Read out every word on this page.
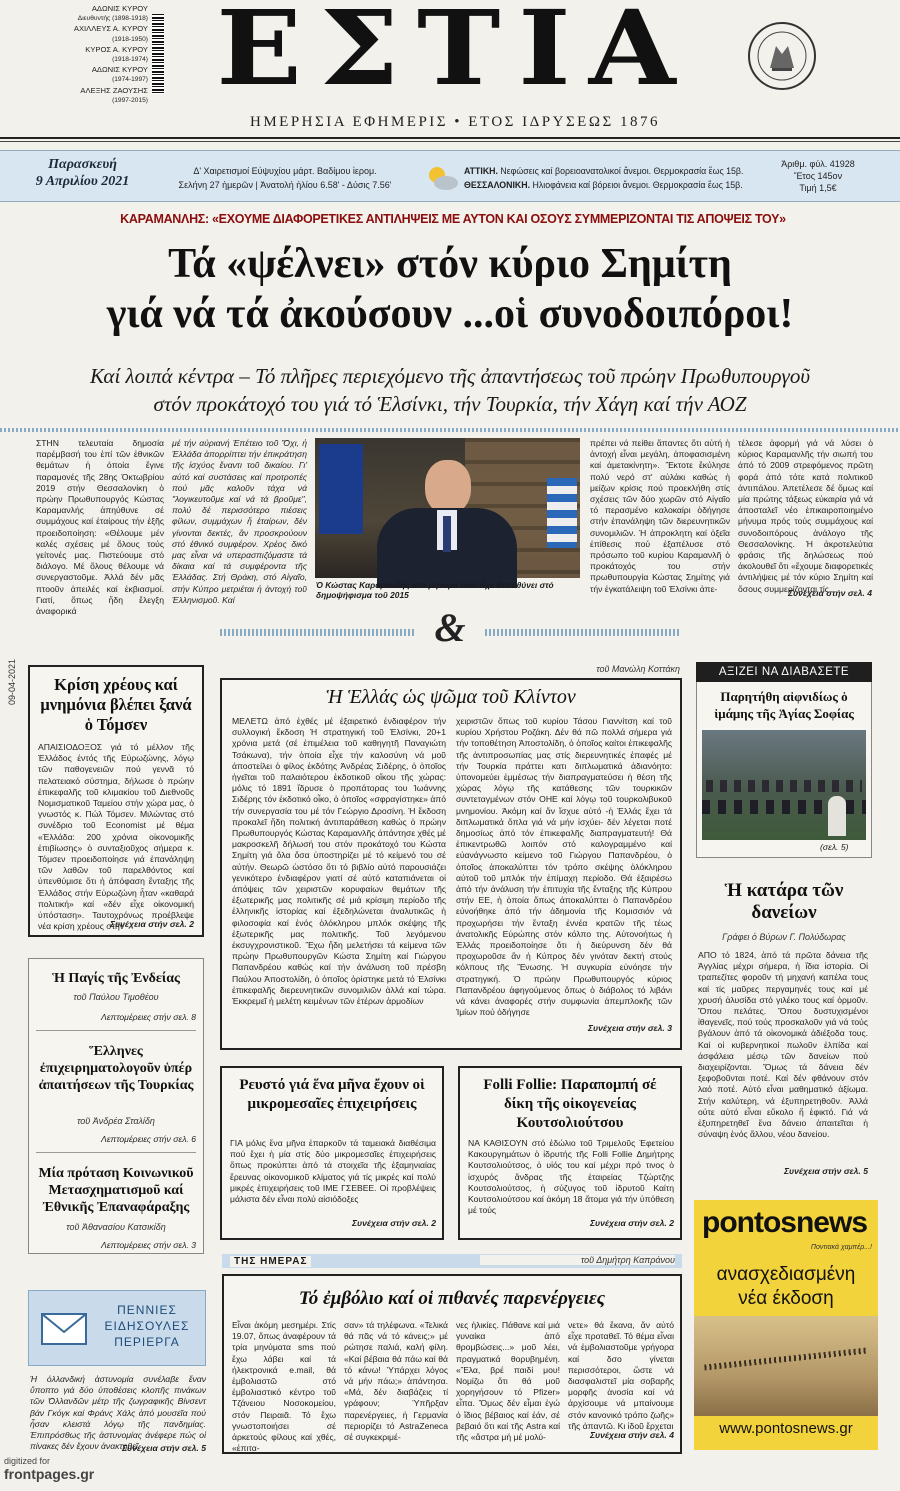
ΑΔΩΝΙΣ ΚΥΡΟΥ
Διευθυντής (1898-1918)
ΑΧΙΛΛΕΥΣ Α. ΚΥΡΟΥ
(1918-1950)
ΚΥΡΟΣ Α. ΚΥΡΟΥ
(1918-1974)
ΑΔΩΝΙΣ ΚΥΡΟΥ
(1974-1997)
ΑΛΕΞΗΣ ΖΑΟΥΣΗΣ
(1997-2015) ΕΣΤΙΑ
ΗΜΕΡΗΣΙΑ ΕΦΗΜΕΡΙΣ • ΕΤΟΣ ΙΔΡΥΣΕΩΣ 1876
Παρασκευή
9 Απριλίου 2021
Δ' Χαιρετισμοί Εὐψυχίου μάρτ. Βαδίμου ἱερομ.
Σελήνη 27 ἡμερῶν | Ἀνατολή ἡλίου 6.58' - Δύσις 7.56'
ΑΤΤΙΚΗ. Νεφώσεις καί βορειοανατολικοί ἄνεμοι. Θερμοκρασία ἕως 15β.
ΘΕΣΣΑΛΟΝΙΚΗ. Ηλιοφάνεια καί βόρειοι ἄνεμοι. Θερμοκρασία ἕως 15β.
Ἀριθμ. φύλ. 41928
Ἔτος 145ον
Τιμή 1,5€
ΚΑΡΑΜΑΝΛΗΣ: «ΕΧΟΥΜΕ ΔΙΑΦΟΡΕΤΙΚΕΣ ΑΝΤΙΛΗΨΕΙΣ ΜΕ ΑΥΤΟΝ ΚΑΙ ΟΣΟΥΣ ΣΥΜΜΕΡΙΖΟΝΤΑΙ ΤΙΣ ΑΠΟΨΕΙΣ ΤΟΥ»
Τά «ψέλνει» στόν κύριο Σημίτη
γιά νά τά ἀκούσουν ...οἱ συνοδοιπόροι!
Καί λοιπά κέντρα – Τό πλῆρες περιεχόμενο τῆς ἀπαντήσεως τοῦ πρώην Πρωθυπουργοῦ
στόν προκάτοχό του γιά τό Ἑλσίνκι, τήν Τουρκία, τήν Χάγη καί τήν ΑΟΖ
ΣΤΗΝ τελευταία δημοσία παρέμβασή του ἐπί τῶν ἐθνικῶν θεμάτων ἡ ὁποία ἔγινε παραμονές τῆς 28ης Ὀκτωβρίου 2019 στήν Θεσσαλονίκη ὁ πρώην Πρωθυπουργός Κώστας Καραμανλής ἀπηύθυνε σέ συμμάχους καί ἑταίρους τήν ἑξῆς προειδοποίηση: «Θέλουμε μέν καλές σχέσεις μέ ὅλους τούς γείτονές μας. Πιστεύουμε στό διάλογο. Μέ ὅλους θέλουμε νά συνεργαστοῦμε. Ἀλλά δέν μᾶς πτοοῦν ἀπειλές καί ἐκβιασμοί. Γιατί, ὅπως ἤδη ἔλεγξη ἀναφορικά
μέ τήν αὐριανή Ἐπέτειο τοῦ Ὄχι, ἡ Ἑλλάδα ἀπορρίπτει τήν ἐπικράτηση τῆς ἰσχύος ἔναντι τοῦ δικαίου. Γι' αὐτό καί συστάσεις καί προτροπές πού μᾶς καλοῦν τάχα νά "λογικευτοῦμε καί νά τά βροῦμε", πολύ δέ περισσότερο πιέσεις φίλων, συμμάχων ἤ ἑταίρων, δέν γίνονται δεκτές, ἄν προσκρούουν στό ἐθνικό συμφέρον. Χρέος δικό μας εἶναι νά υπερασπιζόμαστε τά δίκαια καί τά συμφέροντα τῆς Ἑλλάδας. Στή Θράκη, στό Αἰγαῖο, στήν Κύπρο μετριέται ἡ ἀντοχή τοῦ Ἑλληνισμοῦ. Καί
Ὁ Κώστας Καραμανλής στό μήνυμα πού εἶχε ἀπευθύνει στό δημοψήφισμα τοῦ 2015
πρέπει νά πείθει ἅπαντες ὅτι αὐτή ἡ ἀντοχή εἶναι μεγάλη, ἀποφασισμένη καί ἀμετακίνητη». Ἔκτοτε ἔκύλησε πολύ νερό στ' αὐλάκι καθώς ἡ μείζων κρίσις πού προεκλήθη στίς σχέσεις τῶν δύο χωρῶν στό Αἰγαῖο τό περασμένο καλοκαίρι ὁδήγησε στήν ἐπανάληψη τῶν διερευνητικῶν συνομιλιῶν. Ἡ ἀπροκλητη καί ὀξεῖα ἐπίθεσις πού ἐξαπέλυσε στό πρόσωπο τοῦ κυρίου Καραμανλῆ ὁ προκάτοχός του στήν πρωθυπουργία Κώστας Σημίτης γιά τήν ἐγκατάλειψη τοῦ Ἑλσίνκι ἀπε-
τέλεσε ἀφορμή γιά νά λύσει ὁ κύριος Καραμανλῆς τήν σιωπή του ἀπό τό 2009 στρεφόμενος πρῶτη φορά ἀπό τότε κατά πολιτικοῦ ἀντιπάλου. Ἀπετέλεσε δέ ὅμως καί μία πρώτης τάξεως εὐκαιρία γιά νά ἀποσταλεῖ νέο ἐπικαιροποιημένο μήνυμα πρός τούς συμμάχους καί συνοδοιπόρους ἀνάλογο τῆς Θεσσαλονίκης. Ἡ ἀκροτελεύτια φράσις τῆς δηλώσεως πού ἀκολουθεῖ ὅτι «ἔχουμε διαφορετικές ἀντιλήψεις μέ τόν κύριο Σημίτη καί ὅσους συμμερίζονται τίς
Συνέχεια στήν σελ. 4
09-04-2021
&
Κρίση χρέους καί μνημόνια βλέπει ξανά ὁ Τόμσεν
ΑΠΑΙΣΙΟΔΟΞΟΣ γιά τό μέλλον τῆς Ἑλλάδος ἐντός τῆς Εὐρωζώνης, λόγῳ τῶν παθογενειῶν πού γεννᾶ τό πελατειακό σύστημα, δήλωσε ὁ πρώην ἐπικεφαλῆς τοῦ κλιμακίου τοῦ Διεθνοῦς Νομισματικοῦ Ταμείου στήν χώρα μας, ὁ γνωστός κ. Πώλ Τόμσεν. Μιλώντας στό συνέδριο τοῦ Economist μέ θέμα «Ἑλλάδα: 200 χρόνια οἰκονομικῆς ἐπιβίωσης» ὁ συνταξιοῦχος σήμερα κ. Τόμσεν προειδοποίησε γιά ἐπανάληψη τῶν λαθῶν τοῦ παρελθόντος καί ὑπενθύμισε ὅτι ἡ ἀπόφαση ἔνταξης τῆς Ἑλλάδος στήν Εὐρωζώνη ἦταν «καθαρά πολιτική» καί «δέν εἶχε οἰκονομική ὑπόσταση». Ταυτοχρόνως προέβλεψε νέα κρίση χρέους στήν
Συνέχεια στήν σελ. 2
Ἡ Παγίς τῆς Ἐνδείας
τοῦ Παύλου Τιμοθέου
Λεπτομέρειες στήν σελ. 8
Ἕλληνες ἐπιχειρηματολογοῦν ὑπέρ ἀπαιτήσεων τῆς Τουρκίας
τοῦ Ἀνδρέα Σταλίδη
Λεπτομέρειες στήν σελ. 6
Μία πρόταση Κοινωνικοῦ Μετασχηματισμοῦ καί Ἐθνικῆς Ἐπαναφάραξης
τοῦ Ἀθανασίου Κατσικίδη
Λεπτομέρειες στήν σελ. 3
ΠΕΝΝΙΕΣ ΕΙΔΗΣΟΥΛΕΣ ΠΕΡΙΕΡΓΑ
Ἡ ὀλλανδική ἀστυνομία συνέλαβε ἕναν ὕποπτο γιά δύο ὑποθέσεις κλοπῆς πινάκων τῶν Ὀλλανδῶν μέτρ τῆς ζωγραφικῆς Βίνσεντ βάν Γκόγκ καί Φράνς Χάλς ἀπό μουσεῖα πού ἦσαν κλειστά λόγῳ τῆς πανδημίας. Ἐπιπρόσθως τῆς ἀστυνομίας ἀνέφερε πώς οἱ πίνακες δέν ἔχουν ἀνακτηθεῖ
Συνέχεια στήν σελ. 5
τοῦ Μανώλη Κοττάκη
Ἡ Ἑλλάς ὡς ψῶμα τοῦ Κλίντον
ΜΕΛΕΤΩ ἀπό ἐχθές μέ ἐξαιρετικό ἐνδιαφέρον τήν συλλογική ἔκδοση Ἡ στρατηγική τοῦ Ἑλσίνκι, 20+1 χρόνια μετά (σέ ἐπιμέλεια τοῦ καθηγητῆ Παναγιώτη Τσάκωνα), τήν ὁποία εἶχε τήν καλοσύνη νά μοῦ ἀποστείλει ὁ φίλος ἐκδότης Ἀνδρέας Σιδέρης, ὁ ὁποῖος ἡγεῖται τοῦ παλαιότερου ἐκδοτικοῦ οἴκου τῆς χώρας: μόλις τό 1891 ἵδρυσε ὁ προπάτορας του Ἰωάννης Σιδέρης τόν ἐκδοτικό οἶκο, ὁ ὁποῖος «σφραγίστηκε» ἀπό τήν συνεργασία του μέ τόν Γεώργιο Δροσίνη. Ἡ ἔκδοση προκαλεῖ ἤδη πολιτική ἀντιπαράθεση καθώς ὁ πρώην Πρωθυπουργός Κώστας Καραμανλῆς ἀπάντησε χθές μέ μακροσκελῆ δήλωσή του στόν προκάτοχό του Κώστα Σημίτη γιά ὅλα ὅσα ὑποστηρίζει μέ τό κείμενό του σέ αὐτήν. Θεωρῶ ὡστόσο ὅτι τό βιβλίο αὐτό παρουσιάζει γενικότερο ἐνδιαφέρον γιατί σέ αὐτό καταπιάνεται οἱ ἀπόψεις τῶν χειριστῶν κορυφαίων θεμάτων τῆς ἐξωτερικῆς μας πολιτικῆς σέ μιά κρίσιμη περίοδο τῆς ἑλληνικῆς ἱστορίας καί ἐξεδηλώνεται ἀναλυτικῶς ἡ φιλοσοφία καί ἑνός ὁλόκληρου μπλόκ σκέψης τῆς ἐξωτερικῆς μας πολιτικῆς. Τοῦ λεγόμενου ἐκσυγχρονιστικοῦ. Ἔχω ἤδη μελετήσει τά κείμενα τῶν πρώην Πρωθυπουργῶν Κώστα Σημίτη καί Γιώργου Παπανδρέου καθώς καί τήν ἀνάλυση τοῦ πρέσβη Παύλου Ἀποστολίδη, ὁ ὁποῖος ὁρίστηκε μετά τό Ἑλσίνκι ἐπικεφαλῆς διερευνητικῶν συνομιλιῶν ἀλλά καί τώρα. Ἐκκρεμεῖ ἡ μελέτη κειμένων τῶν ἐτέρων ἁρμοδίων
χειριστῶν ὅπως τοῦ κυρίου Τάσου Γιαννίτση καί τοῦ κυρίου Χρήστου Ροζάκη. Δέν θά πῶ πολλά σήμερα γιά τήν τοποθέτηση Ἀποστολίδη, ὁ ὁποῖος καίτοι ἐπικεφαλῆς τῆς ἀντιπροσωπίας μας στίς διερευνητικές ἐπαφές μέ τήν Τουρκία πράττει κατι διπλωματικά ἀδιανόητο: ὑπονομεύει ἐμμέσως τήν διαπραγματεύσει ἡ θέση τῆς χώρας λόγῳ τῆς κατάθεσης τῶν τουρκικῶν συντεταγμένων στόν ΟΗΕ καί λόγῳ τοῦ τουρκολιβυκοῦ μνημονίου. Ἀκόμη καί ἄν ἴσχυε αὐτό -ἡ Ἑλλάς ἔχει τά διπλωματικά ὅπλα γιά νά μήν ἰσχύει- δέν λέγεται ποτέ δημοσίως ἀπό τόν ἐπικεφαλῆς διαπραγματευτή! Θά ἐπικεντρωθῶ λοιπόν στό καλογραμμένο καί εὐανάγνωστο κείμενο τοῦ Γιώργου Παπανδρέου, ὁ ὁποῖος ἀποκαλύπτει τόν τρόπο σκέψης ὁλόκληρου αὐτοῦ τοῦ μπλόκ τήν ἐπίμαχη περίοδο. Θά ἐξαιρέσω ἀπό τήν ἀνάλυση τήν ἐπιτυχία τῆς ἔνταξης τῆς Κύπρου στήν ΕΕ, ἡ ὁποία ὅπως ἀποκαλύπτει ὁ Παπανδρέου εὐνοήθηκε ἀπό τήν ἀδημονία τῆς Κομισσιόν νά προχωρήσει τήν ἔνταξη ἐννέα κρατῶν τῆς τέως ἀνατολικῆς Εὐρώπης στόν κόλπο της. Αὐτονοήτως ἡ Ἑλλάς προειδοποίησε ὅτι ἡ διεύρυνση δέν θά προχωροῦσε ἄν ἡ Κύπρος δέν γινόταν δεκτή στούς κόλπους τῆς Ἕνωσης. Ἡ συγκυρία εὐνόησε τήν στρατηγική. Ὁ πρώην Πρωθυπουργός κύριος Παπανδρέου ἀφηγούμενος ὅπως ὁ διάβολος τό λιβάνι νά κάνει ἀναφορές στήν συμφωνία ἀπεμπλοκῆς τῶν Ἰμίων πού ὁδήγησε
Συνέχεια στήν σελ. 3
Ρευστό γιά ἕνα μῆνα ἔχουν οἱ μικρομεσαῖες ἐπιχειρήσεις
ΓΙΑ μόλις ἕνα μῆνα ἐπαρκοῦν τά ταμειακά διαθέσιμα πού ἔχει ἡ μία στίς δύο μικρομεσαῖες ἐπιχειρήσεις ὅπως προκύπτει ἀπό τά στοιχεῖα τῆς ἐξαμηνιαίας ἔρευνας οἰκονομικοῦ κλίματος γιά τίς μικρές καί πολύ μικρές ἐπιχειρήσεις τοῦ ΙΜΕ ΓΣΕΒΕΕ. Οἱ προβλέψεις μάλιστα δέν εἶναι πολύ αἰσιόδοξες
Συνέχεια στήν σελ. 2
Folli Follie: Παραπομπή σέ δίκη τῆς οἰκογενείας Κουτσολιούτσου
ΝΑ ΚΑΘΙΣΟΥΝ στό ἑδώλιο τοῦ Τριμελοῦς Ἐφετείου Κακουργημάτων ὁ ἱδρυτής τῆς Folli Follie Δημήτρης Κουτσολιούτσος, ὁ υἱός του καί μέχρι πρό τινος ὁ ἰσχυρός ἄνδρας τῆς ἑταιρείας Τζώρτζης Κουτσολιούτσος, ἡ σύζυγος τοῦ ἱδρυτοῦ Καίτη Κουτσολιούτσου καί ἀκόμη 18 ἄτομα γιά τήν ὑπόθεση μέ τούς
Συνέχεια στήν σελ. 2
ΤΗΣ ΗΜΕΡΑΣ	τοῦ Δημήτρη Καπράνου
Τό ἐμβόλιο καί οἱ πιθανές παρενέργειες
Εἶναι ἀκόμη μεσημέρι. Στίς 19.07, ὅπως ἀναφέρουν τά τρία μηνύματα sms πού ἔχω λάβει καί τά ἠλεκτρονικά e.mail, θά ἐμβολιαστῶ στό ἐμβολιαστικό κέντρο τοῦ Τζάνειου Νοσοκομείου, στόν Πειραιᾶ. Τό ἔχω γνωστοποιήσει σέ ἀρκετούς φίλους καί χθές, «ἐπιτα-
σαν» τά τηλέφωνα. «Τελικά θά πᾶς νά τό κάνεις;» μέ ρώτησε παλιά, καλή φίλη. «Καί βέβαια θά πάω καί θά τό κάνω! Ὑπάρχει λόγος νά μήν πάω;» ἀπάντησα. «Μά, δέν διαβάζεις τί γράφουν; Ὑπῆρξαν παρενέργειες, ἡ Γερμανία περιορίζει τό AstraZeneca σέ συγκεκριμέ-
νες ἡλικίες. Πάθανε καί μιά γυναίκα ἀπό θρομβώσεις...» μοῦ λέει, πραγματικά θορυβημένη. «Ἔλα, βρέ παιδί μου! Νομίζω ὅτι θά μοῦ χορηγήσουν τό Pfizer» εἶπα. Ὅμως δέν εἶμαι ἐγώ ὁ ἴδιος βέβαιος καί ἐάν, σέ βεβαιό ὅτι καί τῆς Astra καί τῆς «ἄστρα μή μέ μολύ-
νετε» θά ἔκανα, ἄν αὐτό εἶχε προταθεῖ. Τό θέμα εἶναι νά ἐμβολιαστοῦμε γρήγορα καί δσο γίνεται περισσότεροι, ὥστε νά διασφαλιστεῖ μία σοβαρῆς μορφῆς ἀνοσία καί νά ἀρχίσουμε νά μπαίνουμε στόν κανονικό τρόπο ζωῆς» τῆς ἀπαντῶ. Κι ἰδοῦ ἔρχεται
Συνέχεια στήν σελ. 4
ΑΞΙΖΕΙ ΝΑ ΔΙΑΒΑΣΕΤΕ
Παρητήθη αἰφνιδίως ὁ ἰμάμης τῆς Ἁγίας Σοφίας
(σελ. 5)
Ἡ κατάρα τῶν δανείων
Γράφει ὁ Βύρων Γ. Πολύδωρας
ΑΠΟ τό 1824, ἀπό τά πρῶτα δάνεια τῆς Ἀγγλίας μέχρι σήμερα, ἡ ἴδια ἱστορία. Οἱ τραπεζίτες φοροῦν τή μηχανή καπέλα τους καί τίς μαῦρες περγαμηνές τους καί μέ χρυσή ἀλυσίδα στό γιλέκο τους καί ὁρμοῦν. Ὅπου πελάτες. Ὅπου δυστυχισμένοι ἰθαγενεῖς, πού τούς προσκαλοῦν γιά νά τούς βγάλουν ἀπό τά οἰκονομικά ἀδιέξοδα τους. Καί οἱ κυβερνητικοί πωλοῦν ἐλπίδα καί ἀσφάλεια μέσῳ τῶν δανείων πού διαχειρίζονται. Ὅμως τά δάνεια δέν ξεφοβοῦνται ποτέ. Καί δέν φθάνουν στόν λαό ποτέ. Αὐτό εἶναι μαθηματικό ἀξίωμα. Στήν καλύτερη, νά ἐξυπηρετηθοῦν. Ἀλλά ούτε αὐτό εἶναι εὔκολο ἤ ἐφικτό. Γιά νά ἐξυπηρετηθεῖ ἕνα δάνειο ἀπαιτεῖται ἡ σύναψη ἑνός ἄλλου, νέου δανείου.
Συνέχεια στήν σελ. 5
pontosnews
Ποντιακά χαμπέρ...!
ανασχεδιασμένη
νέα έκδοση
www.pontosnews.gr
digitized for
frontpages.gr
